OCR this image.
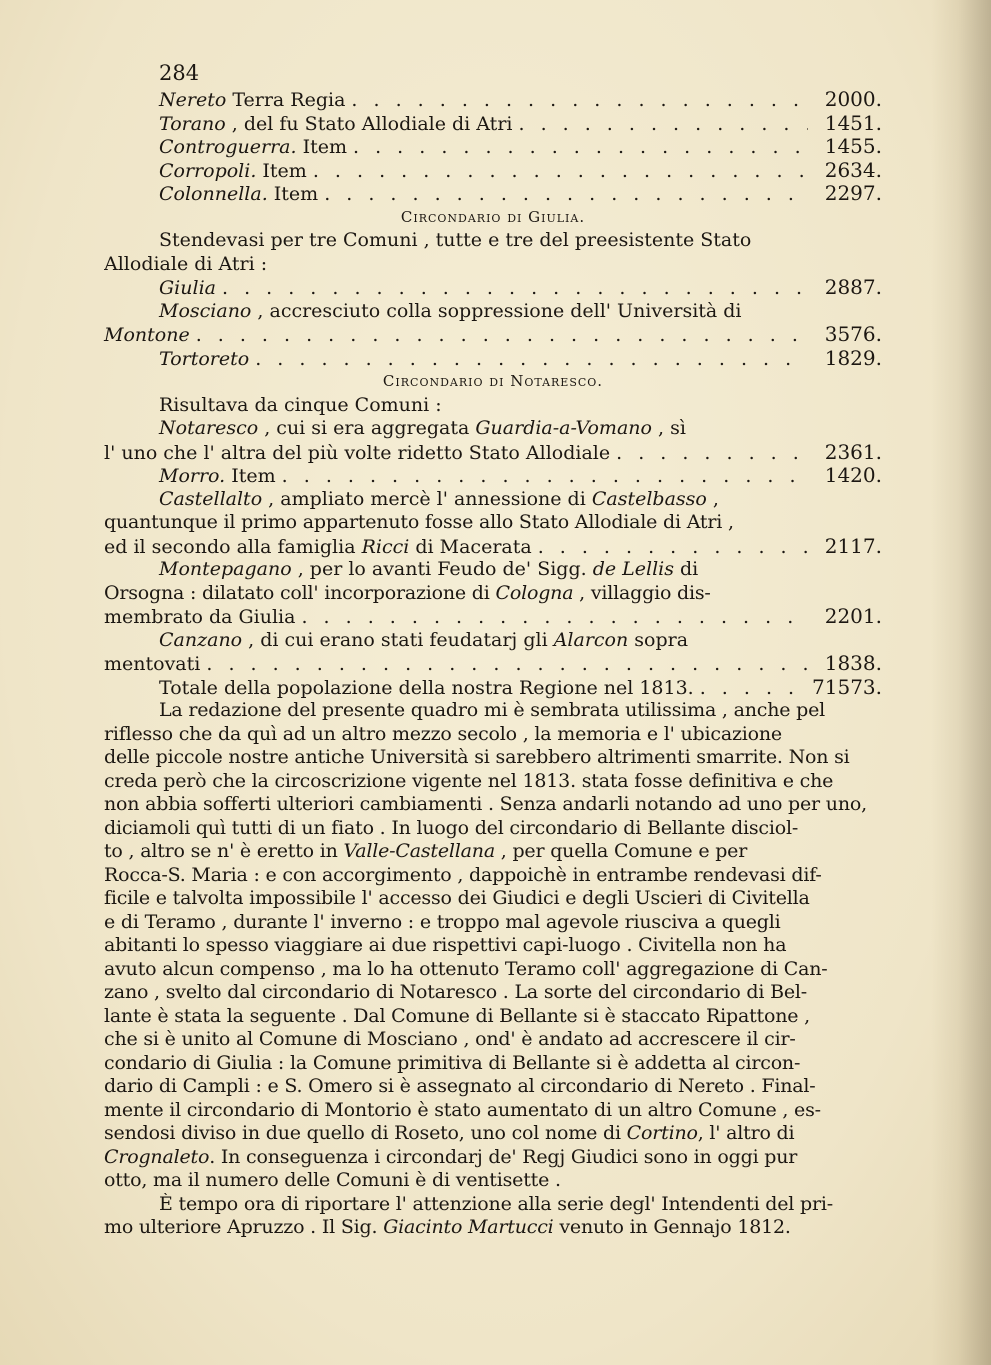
284
Nereto Terra Regia . . .	2000.
Torano , del fu Stato Allodiale di Atri . . .	1451.
Controguerra. Item . . .	1455.
Corropoli. Item . . .	2634.
Colonnella. Item . . .	2297.
Circondario di Giulia.
Stendevasi per tre Comuni , tutte e tre del preesistente Stato
Allodiale di Atri :
Giulia . . .	2887.
Mosciano , accresciuto colla soppressione dell' Università di
Montone . . .	3576.
Tortoreto . . .	1829.
Circondario di Notaresco.
Risultava da cinque Comuni :
Notaresco , cui si era aggregata Guardia-a-Vomano , sì
l' uno che l' altra del più volte ridetto Stato Allodiale . . .	2361.
Morro. Item . . .	1420.
Castellalto , ampliato mercè l' annessione di Castelbasso ,
quantunque il primo appartenuto fosse allo Stato Allodiale di Atri ,
ed il secondo alla famiglia Ricci di Macerata . . .	2117.
Montepagano , per lo avanti Feudo de' Sigg. de Lellis di
Orsogna : dilatato coll' incorporazione di Cologna , villaggio dis-
membrato da Giulia . . .	2201.
Canzano , di cui erano stati feudatarj gli Alarcon sopra
mentovati . . .	1838.
Totale della popolazione della nostra Regione nel 1813. . . .	71573.
La redazione del presente quadro mi è sembrata utilissima , anche pel
riflesso che da quì ad un altro mezzo secolo , la memoria e l' ubicazione
delle piccole nostre antiche Università si sarebbero altrimenti smarrite. Non si
creda però che la circoscrizione vigente nel 1813. stata fosse definitiva e che
non abbia sofferti ulteriori cambiamenti . Senza andarli notando ad uno per uno,
diciamoli quì tutti di un fiato . In luogo del circondario di Bellante disciol-
to , altro se n' è eretto in Valle-Castellana , per quella Comune e per
Rocca-S. Maria : e con accorgimento , dappoichè in entrambe rendevasi dif-
ficile e talvolta impossibile l' accesso dei Giudici e degli Uscieri di Civitella
e di Teramo , durante l' inverno : e troppo mal agevole riusciva a quegli
abitanti lo spesso viaggiare ai due rispettivi capi-luogo . Civitella non ha
avuto alcun compenso , ma lo ha ottenuto Teramo coll' aggregazione di Can-
zano , svelto dal circondario di Notaresco . La sorte del circondario di Bel-
lante è stata la seguente . Dal Comune di Bellante si è staccato Ripattone ,
che si è unito al Comune di Mosciano , ond' è andato ad accrescere il cir-
condario di Giulia : la Comune primitiva di Bellante si è addetta al circon-
dario di Campli : e S. Omero si è assegnato al circondario di Nereto . Final-
mente il circondario di Montorio è stato aumentato di un altro Comune , es-
sendosi diviso in due quello di Roseto, uno col nome di Cortino, l' altro di
Crognaleto. In conseguenza i circondarj de' Regj Giudici sono in oggi pur
otto, ma il numero delle Comuni è di ventisette .
È tempo ora di riportare l' attenzione alla serie degl' Intendenti del pri-
mo ulteriore Apruzzo . Il Sig. Giacinto Martucci venuto in Gennajo 1812.
